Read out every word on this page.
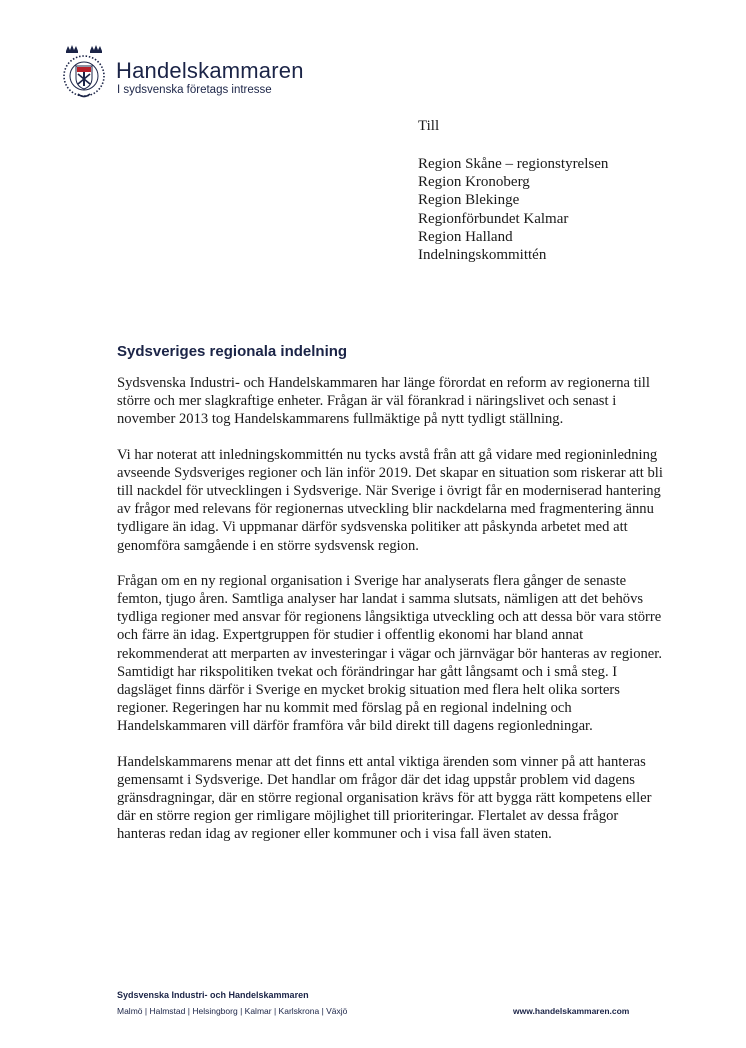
Handelskammaren
I sydsvenska företags intresse
Till
Region Skåne – regionstyrelsen
Region Kronoberg
Region Blekinge
Regionförbundet Kalmar
Region Halland
Indelningskommittén
Sydsveriges regionala indelning

Sydsvenska Industri- och Handelskammaren har länge förordat en reform av regionerna till
större och mer slagkraftige enheter. Frågan är väl förankrad i näringslivet och senast i
november 2013 tog Handelskammarens fullmäktige på nytt tydligt ställning.

Vi har noterat att inledningskommittén nu tycks avstå från att gå vidare med regioninledning
avseende Sydsveriges regioner och län inför 2019. Det skapar en situation som riskerar att bli
till nackdel för utvecklingen i Sydsverige. När Sverige i övrigt får en moderniserad hantering
av frågor med relevans för regionernas utveckling blir nackdelarna med fragmentering ännu
tydligare än idag. Vi uppmanar därför sydsvenska politiker att påskynda arbetet med att
genomföra samgående i en större sydsvensk region.

Frågan om en ny regional organisation i Sverige har analyserats flera gånger de senaste
femton, tjugo åren. Samtliga analyser har landat i samma slutsats, nämligen att det behövs
tydliga regioner med ansvar för regionens långsiktiga utveckling och att dessa bör vara större
och färre än idag. Expertgruppen för studier i offentlig ekonomi har bland annat
rekommenderat att merparten av investeringar i vägar och järnvägar bör hanteras av regioner.
Samtidigt har rikspolitiken tvekat och förändringar har gått långsamt och i små steg. I
dagsläget finns därför i Sverige en mycket brokig situation med flera helt olika sorters
regioner. Regeringen har nu kommit med förslag på en regional indelning och
Handelskammaren vill därför framföra vår bild direkt till dagens regionledningar.

Handelskammarens menar att det finns ett antal viktiga ärenden som vinner på att hanteras
gemensamt i Sydsverige. Det handlar om frågor där det idag uppstår problem vid dagens
gränsdragningar, där en större regional organisation krävs för att bygga rätt kompetens eller
där en större region ger rimligare möjlighet till prioriteringar. Flertalet av dessa frågor
hanteras redan idag av regioner eller kommuner och i visa fall även staten.

Sydsvenska Industri- och Handelskammaren
Malmö | Halmstad | Helsingborg | Kalmar | Karlskrona | Växjö	www.handelskammaren.com
